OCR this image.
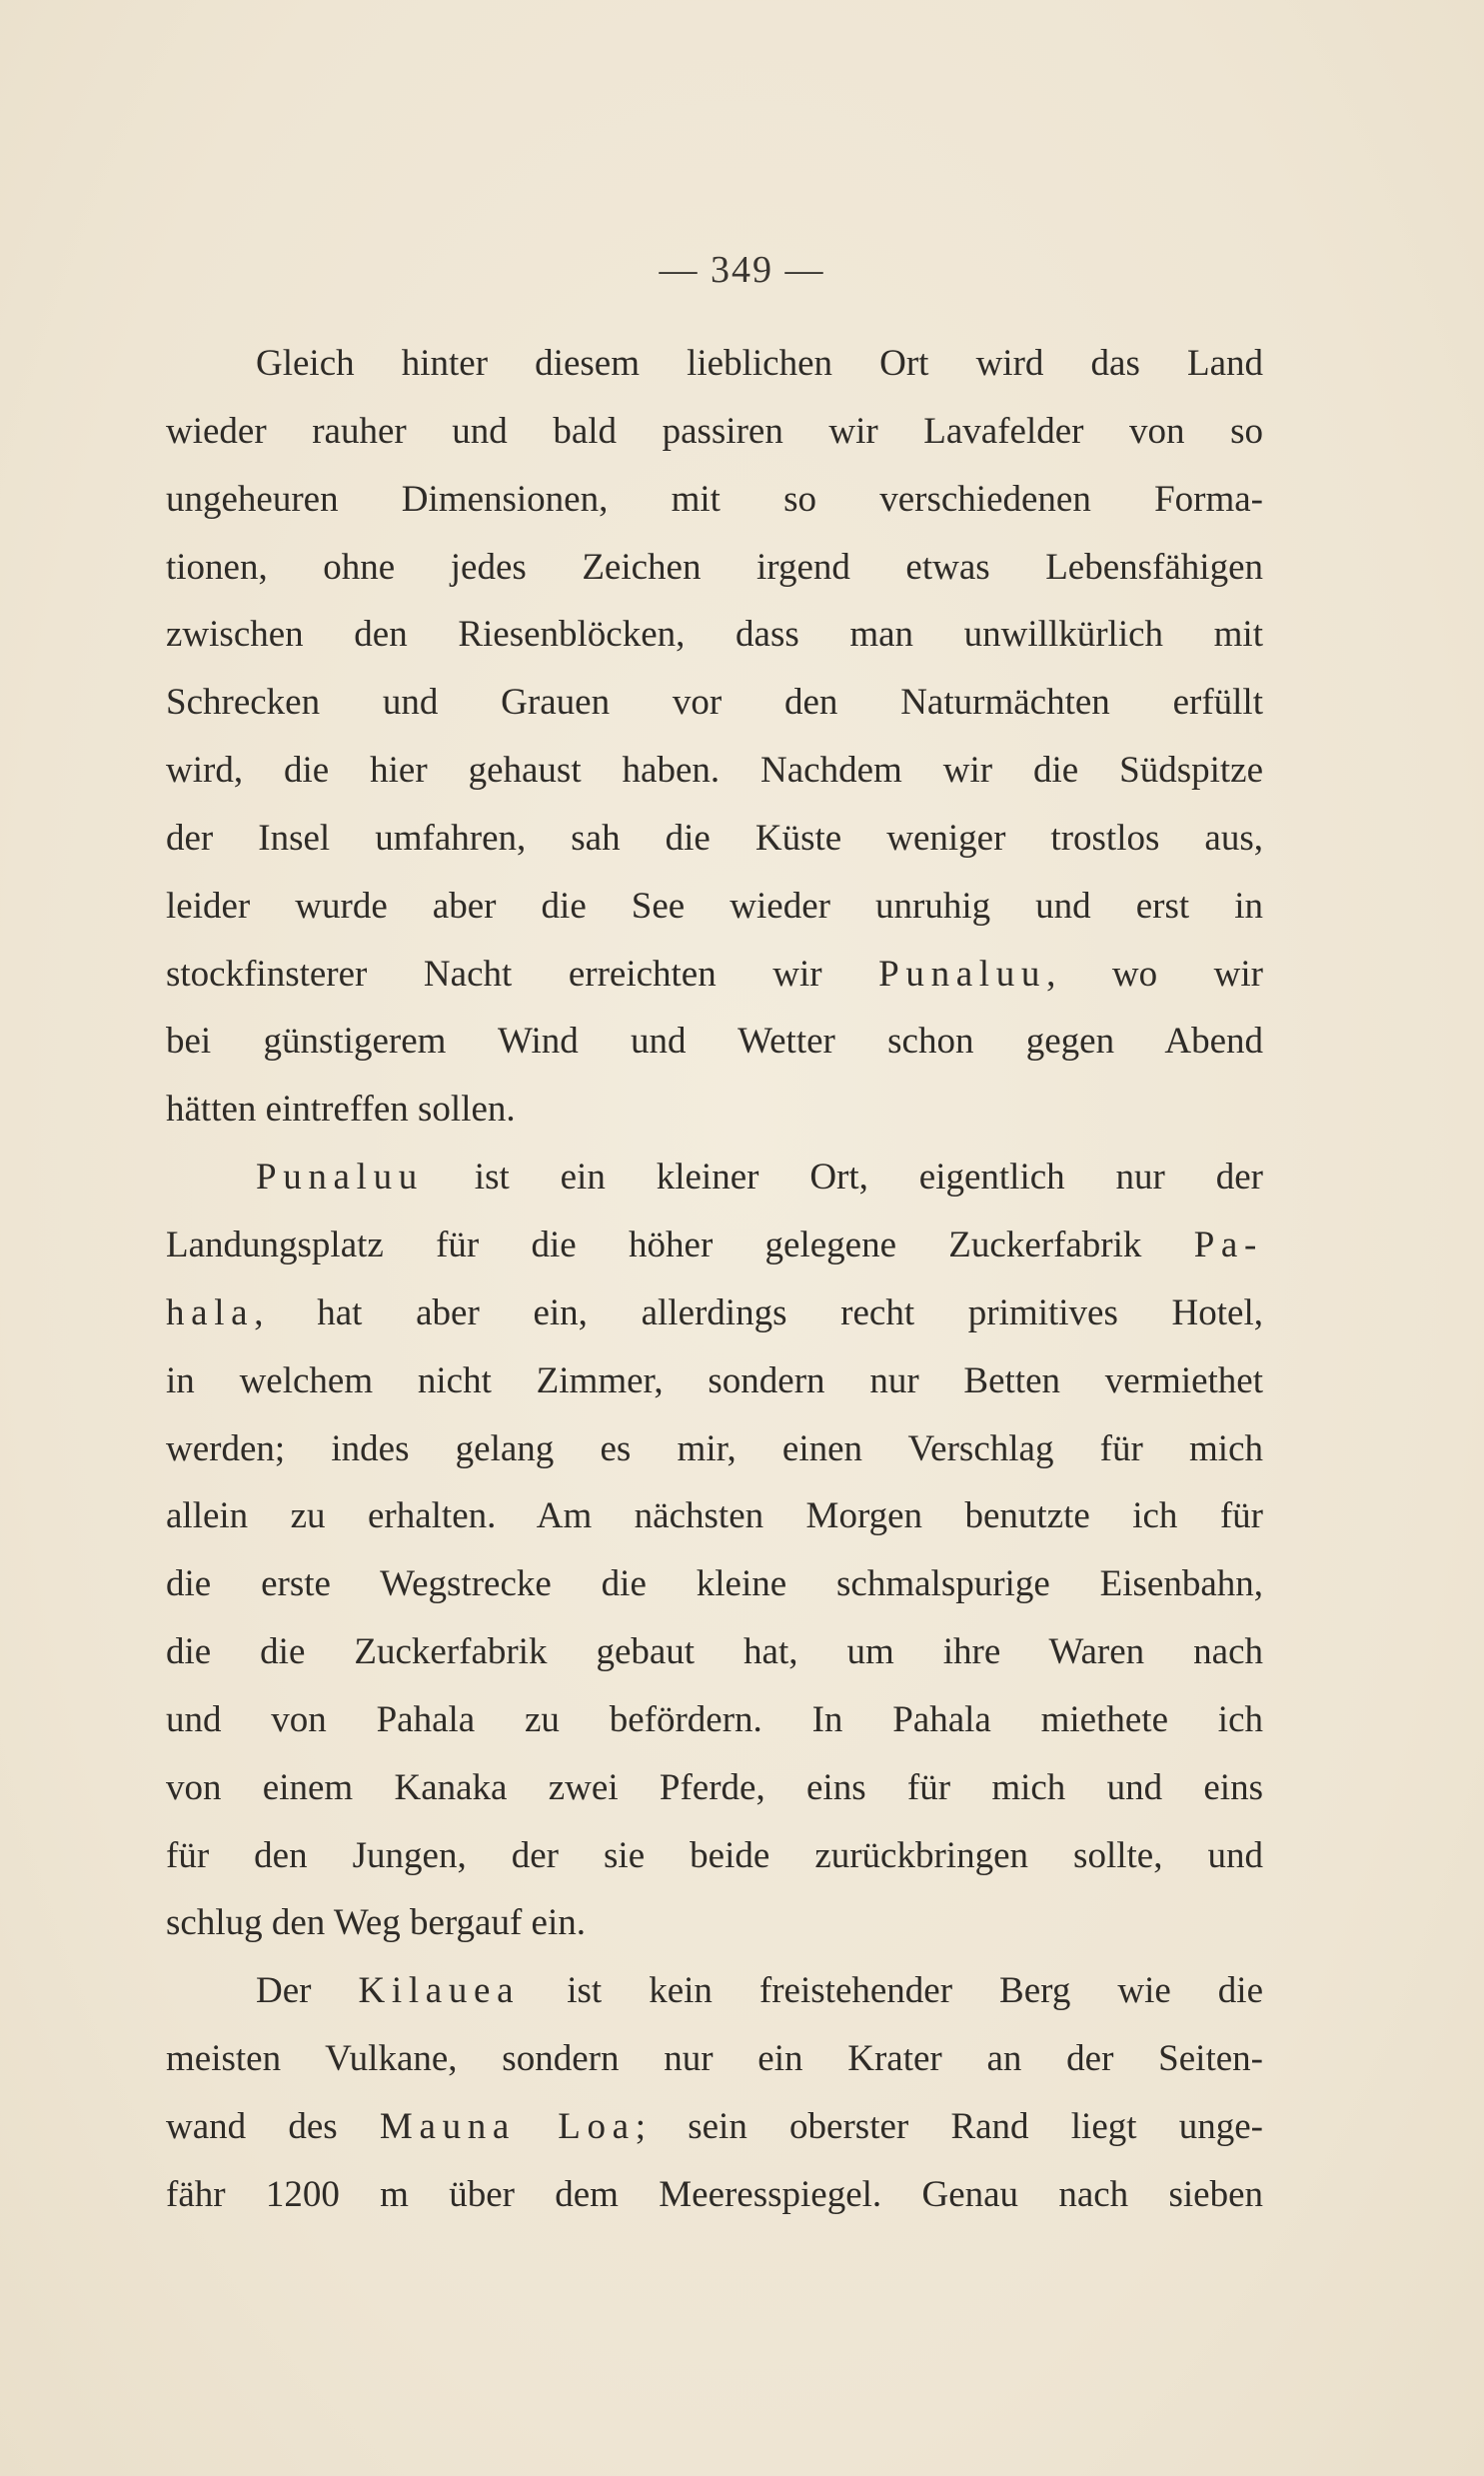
— 349 —
Gleich hinter diesem lieblichen Ort wird das Land
wieder rauher und bald passiren wir Lavafelder von so
ungeheuren Dimensionen, mit so verschiedenen Forma-
tionen, ohne jedes Zeichen irgend etwas Lebensfähigen
zwischen den Riesenblöcken, dass man unwillkürlich mit
Schrecken und Grauen vor den Naturmächten erfüllt
wird, die hier gehaust haben. Nachdem wir die Südspitze
der Insel umfahren, sah die Küste weniger trostlos aus,
leider wurde aber die See wieder unruhig und erst in
stockfinsterer Nacht erreichten wir Punaluu, wo wir
bei günstigerem Wind und Wetter schon gegen Abend
hätten eintreffen sollen.
Punaluu ist ein kleiner Ort, eigentlich nur der
Landungsplatz für die höher gelegene Zuckerfabrik Pa-
hala, hat aber ein, allerdings recht primitives Hotel,
in welchem nicht Zimmer, sondern nur Betten vermiethet
werden; indes gelang es mir, einen Verschlag für mich
allein zu erhalten. Am nächsten Morgen benutzte ich für
die erste Wegstrecke die kleine schmalspurige Eisenbahn,
die die Zuckerfabrik gebaut hat, um ihre Waren nach
und von Pahala zu befördern. In Pahala miethete ich
von einem Kanaka zwei Pferde, eins für mich und eins
für den Jungen, der sie beide zurückbringen sollte, und
schlug den Weg bergauf ein.
Der Kilauea ist kein freistehender Berg wie die
meisten Vulkane, sondern nur ein Krater an der Seiten-
wand des Mauna Loa; sein oberster Rand liegt unge-
fähr 1200 m über dem Meeresspiegel. Genau nach sieben
